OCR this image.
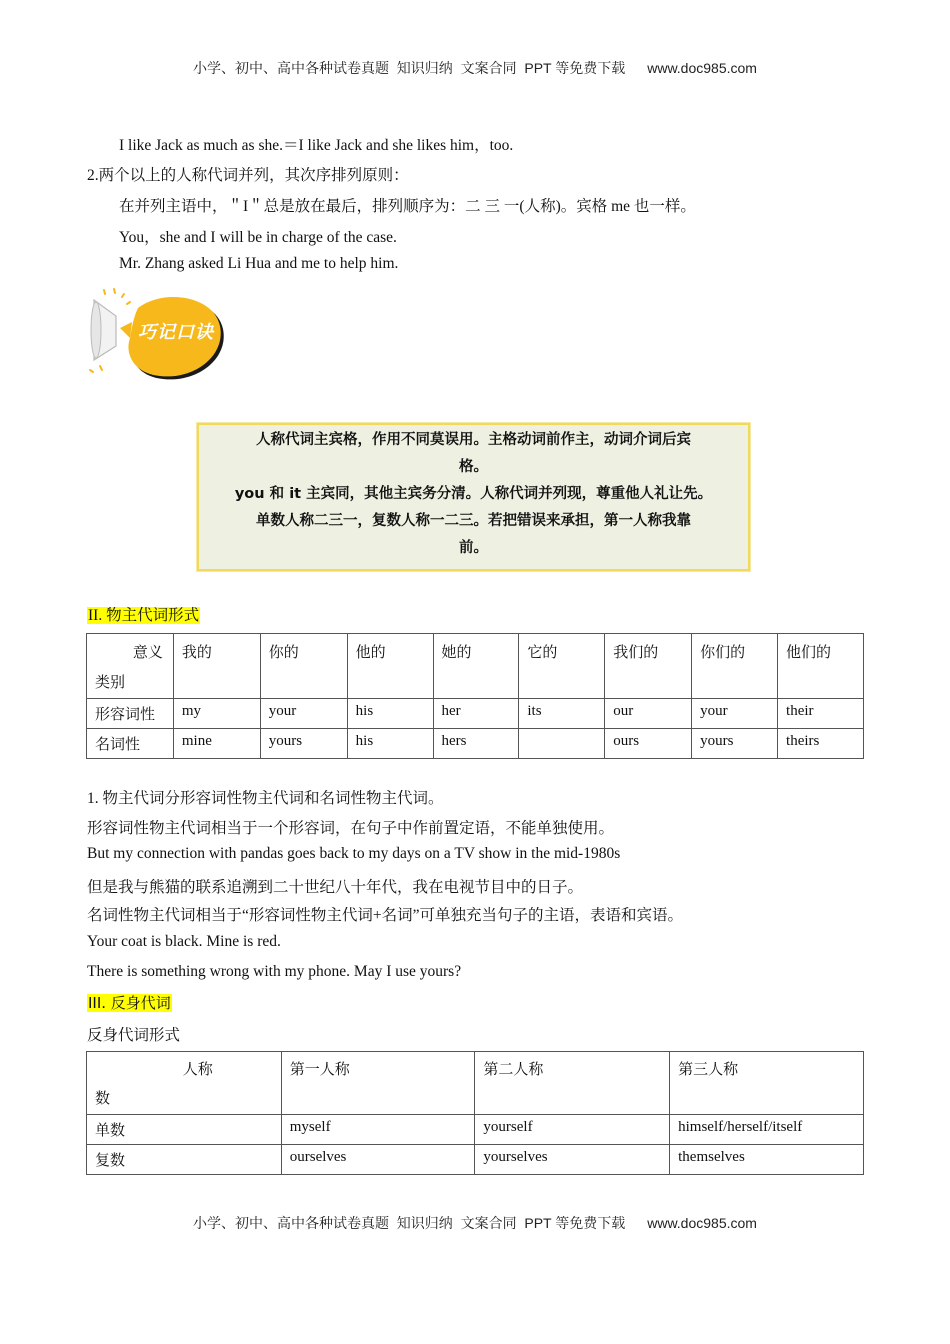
小学、初中、高中各种试卷真题  知识归纳  文案合同  PPT 等免费下载 www.doc985.com
I like Jack as much as she.＝I like Jack and she likes him，too.
2.两个以上的人称代词并列，其次序排列原则：
在并列主语中，＂I＂总是放在最后，排列顺序为：二 三 一(人称)。宾格 me 也一样。
You，she and I will be in charge of the case.
Mr. Zhang asked Li Hua and me to help him.
巧记口诀
人称代词主宾格，作用不同莫误用。主格动词前作主，动词介词后宾
格。
you 和 it 主宾同，其他主宾务分清。人称代词并列现，尊重他人礼让先。
单数人称二三一，复数人称一二三。若把错误来承担，第一人称我靠
前。
II. 物主代词形式
意义
类别	我的	你的	他的	她的	它的	我们的	你们的	他们的
形容词性	my	your	his	her	its	our	your	their
名词性	mine	yours	his	hers		ours	yours	theirs
1. 物主代词分形容词性物主代词和名词性物主代词。
形容词性物主代词相当于一个形容词，在句子中作前置定语，不能单独使用。
But my connection with pandas goes back to my days on a TV show in the mid-1980s
但是我与熊猫的联系追溯到二十世纪八十年代，我在电视节目中的日子。
名词性物主代词相当于“形容词性物主代词+名词”可单独充当句子的主语，表语和宾语。
Your coat is black. Mine is red.
There is something wrong with my phone. May I use yours?
III. 反身代词
反身代词形式
人称
数	第一人称	第二人称	第三人称
单数	myself	yourself	himself/herself/itself
复数	ourselves	yourselves	themselves
小学、初中、高中各种试卷真题  知识归纳  文案合同  PPT 等免费下载 www.doc985.com
